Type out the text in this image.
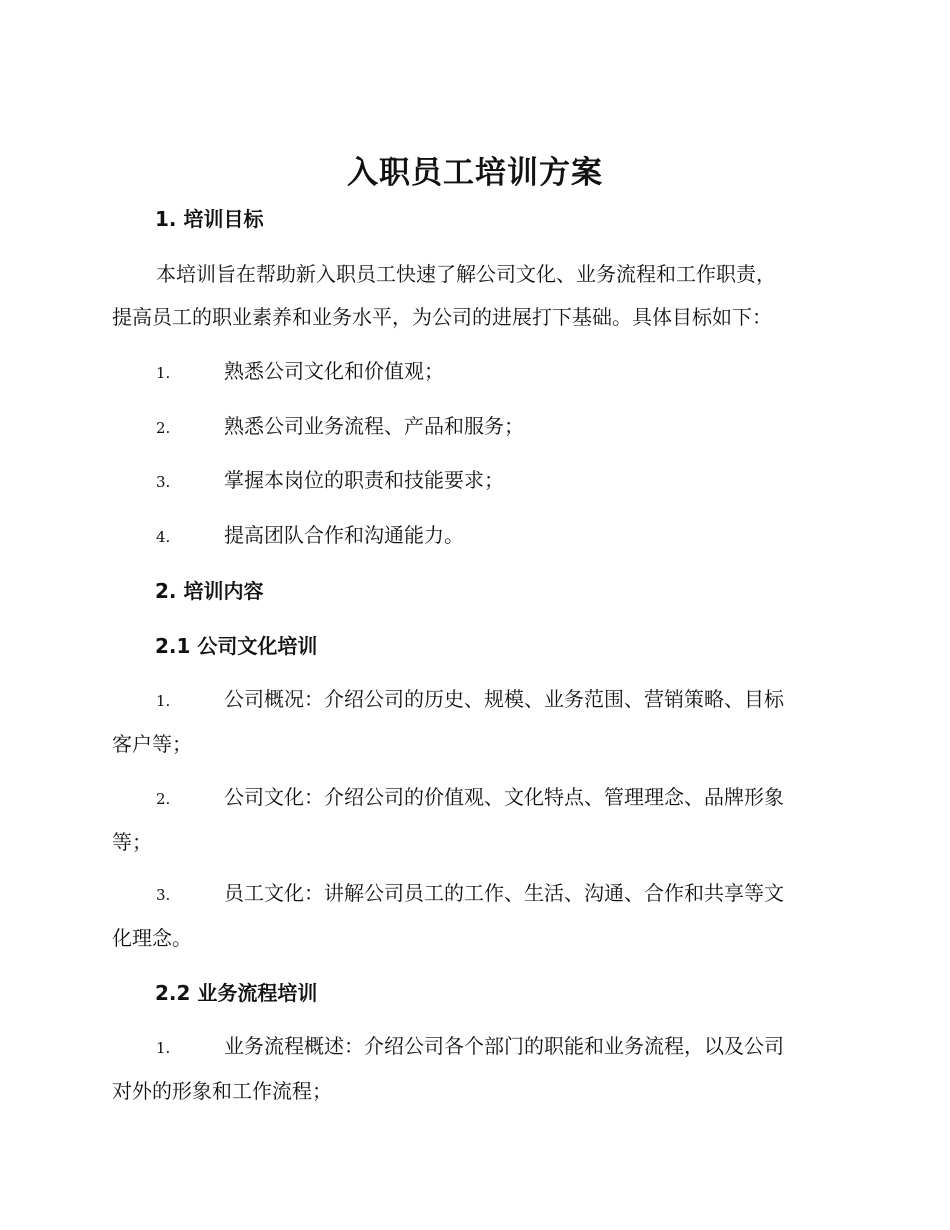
入职员工培训方案
1. 培训目标
本培训旨在帮助新入职员工快速了解公司文化、业务流程和工作职责，
提高员工的职业素养和业务水平，为公司的进展打下基础。具体目标如下：
1.	熟悉公司文化和价值观；
2.	熟悉公司业务流程、产品和服务；
3.	掌握本岗位的职责和技能要求；
4.	提高团队合作和沟通能力。
2. 培训内容
2.1 公司文化培训
1.	公司概况：介绍公司的历史、规模、业务范围、营销策略、目标
客户等；
2.	公司文化：介绍公司的价值观、文化特点、管理理念、品牌形象
等；
3.	员工文化：讲解公司员工的工作、生活、沟通、合作和共享等文
化理念。
2.2 业务流程培训
1.	业务流程概述：介绍公司各个部门的职能和业务流程，以及公司
对外的形象和工作流程；
